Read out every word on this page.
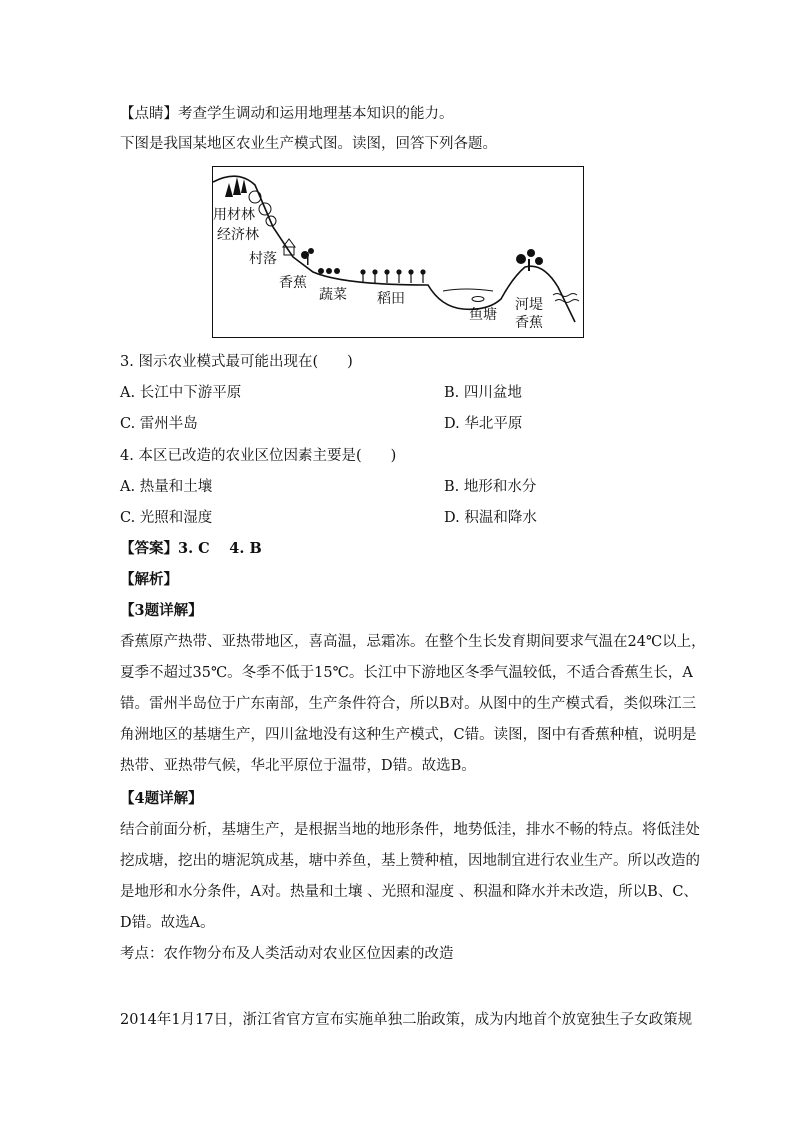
【点睛】考查学生调动和运用地理基本知识的能力。
下图是我国某地区农业生产模式图。读图，回答下列各题。
用材林
经济林
村落
香蕉
蔬菜 稻田
鱼塘
河堤
香蕉
3. 图示农业模式最可能出现在(　　)
A. 长江中下游平原	B. 四川盆地
C. 雷州半岛	D. 华北平原
4. 本区已改造的农业区位因素主要是(　　)
A. 热量和土壤	B. 地形和水分
C. 光照和湿度	D. 积温和降水
【答案】3. C　 4. B
【解析】
【3题详解】
香蕉原产热带、亚热带地区，喜高温，忌霜冻。在整个生长发育期间要求气温在24℃以上，
夏季不超过35℃。冬季不低于15℃。长江中下游地区冬季气温较低，不适合香蕉生长，A
错。雷州半岛位于广东南部，生产条件符合，所以B对。从图中的生产模式看，类似珠江三
角洲地区的基塘生产，四川盆地没有这种生产模式，C错。读图，图中有香蕉种植，说明是
热带、亚热带气候，华北平原位于温带，D错。故选B。
【4题详解】
结合前面分析，基塘生产，是根据当地的地形条件，地势低洼，排水不畅的特点。将低洼处
挖成塘，挖出的塘泥筑成基，塘中养鱼，基上赞种植，因地制宜进行农业生产。所以改造的
是地形和水分条件，A对。热量和土壤 、光照和湿度 、积温和降水并未改造，所以B、C、
D错。故选A。
考点：农作物分布及人类活动对农业区位因素的改造
2014年1月17日，浙江省官方宣布实施单独二胎政策，成为内地首个放宽独生子女政策规
